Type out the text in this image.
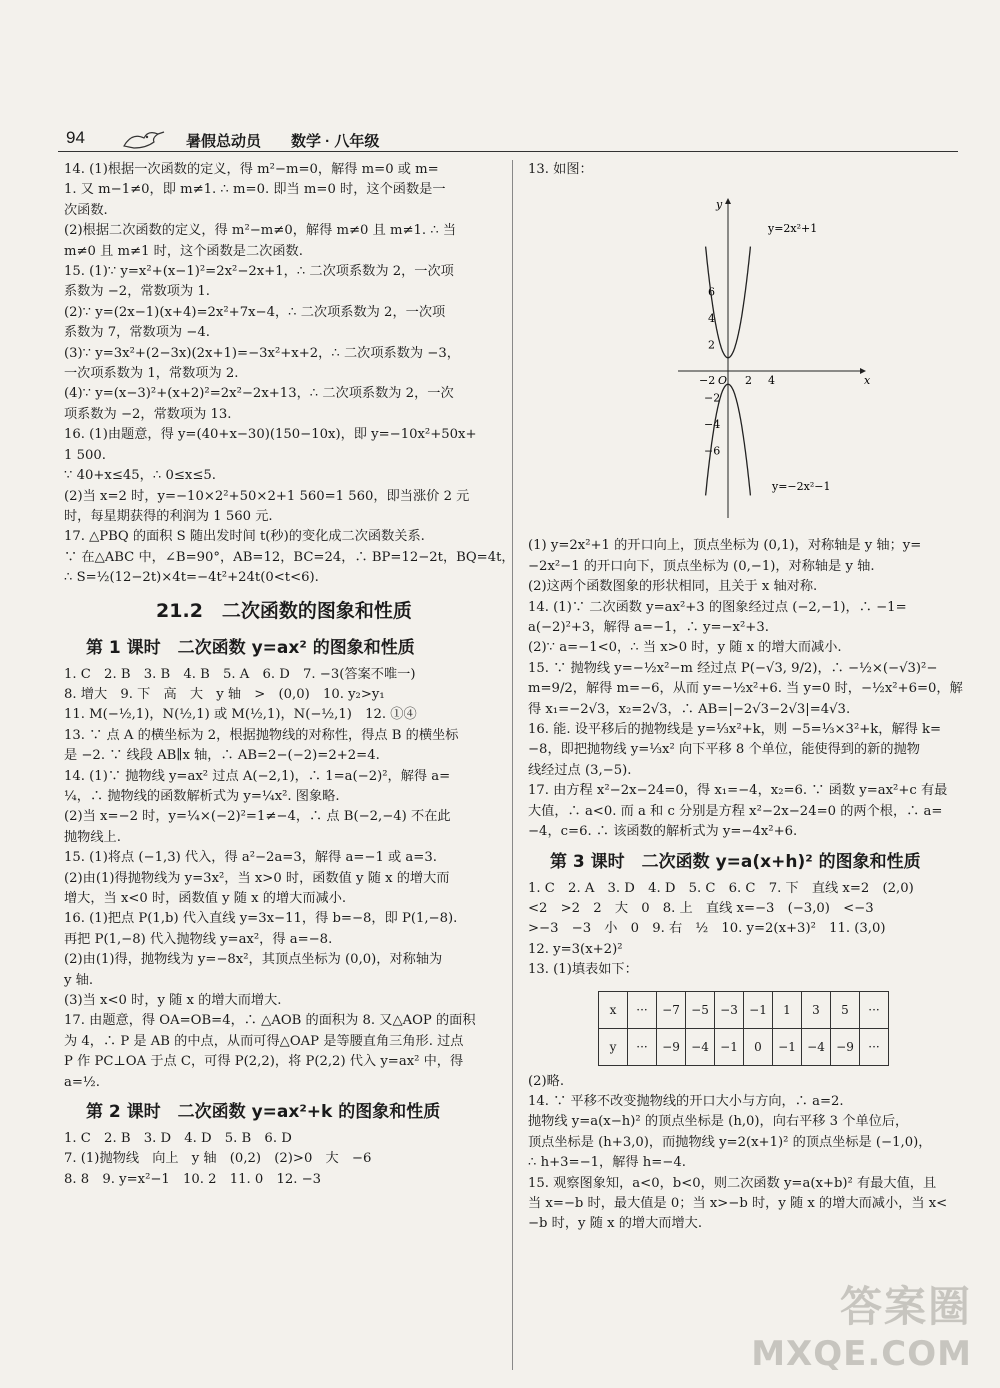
94	暑假总动员 数学 · 八年级
14. (1)根据一次函数的定义，得 m²−m=0，解得 m=0 或 m=
1. 又 m−1≠0，即 m≠1. ∴ m=0. 即当 m=0 时，这个函数是一
次函数.
(2)根据二次函数的定义，得 m²−m≠0，解得 m≠0 且 m≠1. ∴ 当
m≠0 且 m≠1 时，这个函数是二次函数.
15. (1)∵ y=x²+(x−1)²=2x²−2x+1，∴ 二次项系数为 2，一次项
系数为 −2，常数项为 1.
(2)∵ y=(2x−1)(x+4)=2x²+7x−4，∴ 二次项系数为 2，一次项
系数为 7，常数项为 −4.
(3)∵ y=3x²+(2−3x)(2x+1)=−3x²+x+2，∴ 二次项系数为 −3，
一次项系数为 1，常数项为 2.
(4)∵ y=(x−3)²+(x+2)²=2x²−2x+13，∴ 二次项系数为 2，一次
项系数为 −2，常数项为 13.
16. (1)由题意，得 y=(40+x−30)(150−10x)，即 y=−10x²+50x+
1 500.
∵ 40+x≤45，∴ 0≤x≤5.
(2)当 x=2 时，y=−10×2²+50×2+1 560=1 560，即当涨价 2 元
时，每星期获得的利润为 1 560 元.
17. △PBQ 的面积 S 随出发时间 t(秒)的变化成二次函数关系.
∵ 在△ABC 中，∠B=90°，AB=12，BC=24，∴ BP=12−2t，BQ=4t，
∴ S=½(12−2t)×4t=−4t²+24t(0<t<6).
21.2　二次函数的图象和性质
第 1 课时　二次函数 y=ax² 的图象和性质
1. C　2. B　3. B　4. B　5. A　6. D　7. −3(答案不唯一)
8. 增大　9. 下　高　大　y 轴　>　(0,0)　10. y₂>y₁
11. M(−½,1)，N(½,1) 或 M(½,1)，N(−½,1)　12. ①④
13. ∵ 点 A 的横坐标为 2，根据抛物线的对称性，得点 B 的横坐标
是 −2. ∵ 线段 AB∥x 轴，∴ AB=2−(−2)=2+2=4.
14. (1)∵ 抛物线 y=ax² 过点 A(−2,1)，∴ 1=a(−2)²，解得 a=
¼，∴ 抛物线的函数解析式为 y=¼x². 图象略.
(2)当 x=−2 时，y=¼×(−2)²=1≠−4，∴ 点 B(−2,−4) 不在此
抛物线上.
15. (1)将点 (−1,3) 代入，得 a²−2a=3，解得 a=−1 或 a=3.
(2)由(1)得抛物线为 y=3x²，当 x>0 时，函数值 y 随 x 的增大而
增大，当 x<0 时，函数值 y 随 x 的增大而减小.
16. (1)把点 P(1,b) 代入直线 y=3x−11，得 b=−8，即 P(1,−8).
再把 P(1,−8) 代入抛物线 y=ax²，得 a=−8.
(2)由(1)得，抛物线为 y=−8x²，其顶点坐标为 (0,0)，对称轴为
y 轴.
(3)当 x<0 时，y 随 x 的增大而增大.
17. 由题意，得 OA=OB=4，∴ △AOB 的面积为 8. 又△AOP 的面积
为 4，∴ P 是 AB 的中点，从而可得△OAP 是等腰直角三角形. 过点
P 作 PC⊥OA 于点 C，可得 P(2,2)，将 P(2,2) 代入 y=ax² 中，得
a=½.
第 2 课时　二次函数 y=ax²+k 的图象和性质
1. C　2. B　3. D　4. D　5. B　6. D
7. (1)抛物线　向上　y 轴　(0,2)　(2)>0　大　−6
8. 8　9. y=x²−1　10. 2　11. 0　12. −3
13. 如图：
−2	2 4
6
4
2
−2
−4
−6
x
y
O
y=2x²+1
y=−2x²−1
(1) y=2x²+1 的开口向上，顶点坐标为 (0,1)，对称轴是 y 轴；y=
−2x²−1 的开口向下，顶点坐标为 (0,−1)，对称轴是 y 轴.
(2)这两个函数图象的形状相同，且关于 x 轴对称.
14. (1)∵ 二次函数 y=ax²+3 的图象经过点 (−2,−1)，∴ −1=
a(−2)²+3，解得 a=−1，∴ y=−x²+3.
(2)∵ a=−1<0，∴ 当 x>0 时，y 随 x 的增大而减小.
15. ∵ 抛物线 y=−½x²−m 经过点 P(−√3, 9/2)，∴ −½×(−√3)²−
m=9/2，解得 m=−6，从而 y=−½x²+6. 当 y=0 时，−½x²+6=0，解
得 x₁=−2√3，x₂=2√3，∴ AB=|−2√3−2√3|=4√3.
16. 能. 设平移后的抛物线是 y=⅓x²+k，则 −5=⅓×3²+k，解得 k=
−8，即把抛物线 y=⅓x² 向下平移 8 个单位，能使得到的新的抛物
线经过点 (3,−5).
17. 由方程 x²−2x−24=0，得 x₁=−4，x₂=6. ∵ 函数 y=ax²+c 有最
大值，∴ a<0. 而 a 和 c 分别是方程 x²−2x−24=0 的两个根，∴ a=
−4，c=6. ∴ 该函数的解析式为 y=−4x²+6.
第 3 课时　二次函数 y=a(x+h)² 的图象和性质
1. C　2. A　3. D　4. D　5. C　6. C　7. 下　直线 x=2　(2,0)
<2　>2　2　大　0　8. 上　直线 x=−3　(−3,0)　<−3
>−3　−3　小　0　9. 右　½　10. y=2(x+3)²　11. (3,0)
12. y=3(x+2)²
13. (1)填表如下：
x	···	−7	−5	−3	−1	1	3	5	···
y	···	−9	−4	−1	0	−1	−4	−9	···
(2)略.
14. ∵ 平移不改变抛物线的开口大小与方向，∴ a=2.
抛物线 y=a(x−h)² 的顶点坐标是 (h,0)，向右平移 3 个单位后，
顶点坐标是 (h+3,0)，而抛物线 y=2(x+1)² 的顶点坐标是 (−1,0)，
∴ h+3=−1，解得 h=−4.
15. 观察图象知，a<0，b<0，则二次函数 y=a(x+b)² 有最大值，且
当 x=−b 时，最大值是 0；当 x>−b 时，y 随 x 的增大而减小，当 x<
−b 时，y 随 x 的增大而增大.
答案圈
MXQE.COM
